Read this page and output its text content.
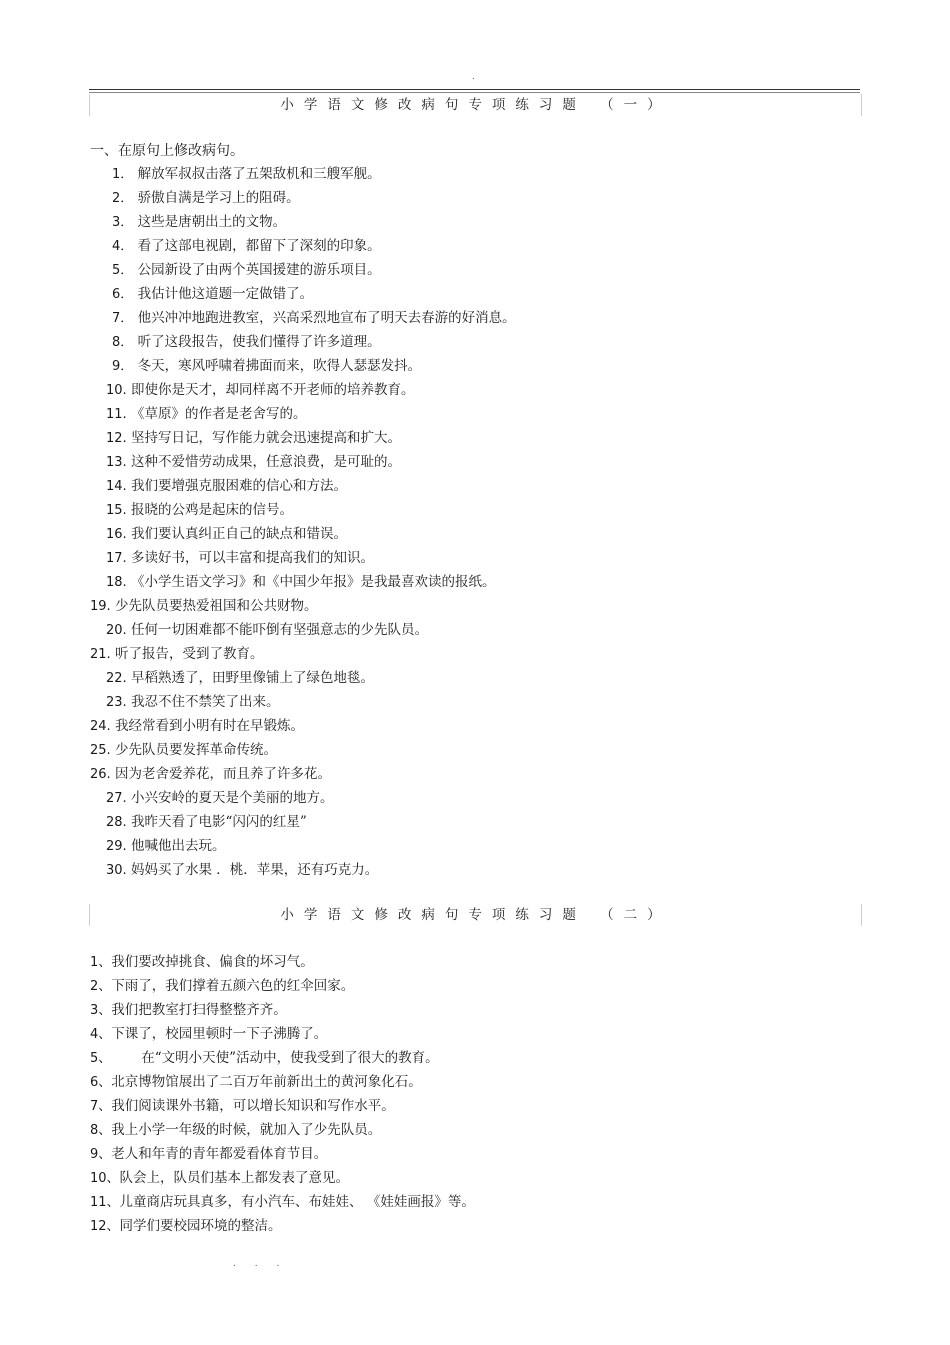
.
小学语文修改病句专项练习题 （一）
一、在原句上修改病句。
1． 解放军叔叔击落了五架敌机和三艘军舰。
2． 骄傲自满是学习上的阻碍。
3． 这些是唐朝出土的文物。
4． 看了这部电视剧，都留下了深刻的印象。
5． 公园新设了由两个英国援建的游乐项目。
6． 我估计他这道题一定做错了。
7． 他兴冲冲地跑进教室，兴高采烈地宣布了明天去春游的好消息。
8． 听了这段报告，使我们懂得了许多道理。
9． 冬天，寒风呼啸着拂面而来，吹得人瑟瑟发抖。
10. 即使你是天才，却同样离不开老师的培养教育。
11. 《草原》的作者是老舍写的。
12. 坚持写日记，写作能力就会迅速提高和扩大。
13. 这种不爱惜劳动成果，任意浪费，是可耻的。
14. 我们要增强克服困难的信心和方法。
15. 报晓的公鸡是起床的信号。
16. 我们要认真纠正自己的缺点和错误。
17. 多读好书，可以丰富和提高我们的知识。
18. 《小学生语文学习》和《中国少年报》是我最喜欢读的报纸。
19. 少先队员要热爱祖国和公共财物。
20. 任何一切困难都不能吓倒有坚强意志的少先队员。
21. 听了报告，受到了教育。
22. 早稻熟透了，田野里像铺上了绿色地毯。
23. 我忍不住不禁笑了出来。
24. 我经常看到小明有时在早锻炼。
25. 少先队员要发挥革命传统。
26. 因为老舍爱养花，而且养了许多花。
27. 小兴安岭的夏天是个美丽的地方。
28. 我昨天看了电影“闪闪的红星”
29. 他喊他出去玩。
30. 妈妈买了水果 ．桃．苹果，还有巧克力。
小学语文修改病句专项练习题 （二）
1、我们要改掉挑食、偏食的坏习气。
2、下雨了，我们撑着五颜六色的红伞回家。
3、我们把教室打扫得整整齐齐。
4、下课了，校园里顿时一下子沸腾了。
5、 在“文明小天使”活动中，使我受到了很大的教育。
6、北京博物馆展出了二百万年前新出土的黄河象化石。
7、我们阅读课外书籍，可以增长知识和写作水平。
8、我上小学一年级的时候，就加入了少先队员。
9、老人和年青的青年都爱看体育节目。
10、队会上，队员们基本上都发表了意见。
11、儿童商店玩具真多，有小汽车、布娃娃、 《娃娃画报》等。
12、同学们要校园环境的整洁。
. . .
